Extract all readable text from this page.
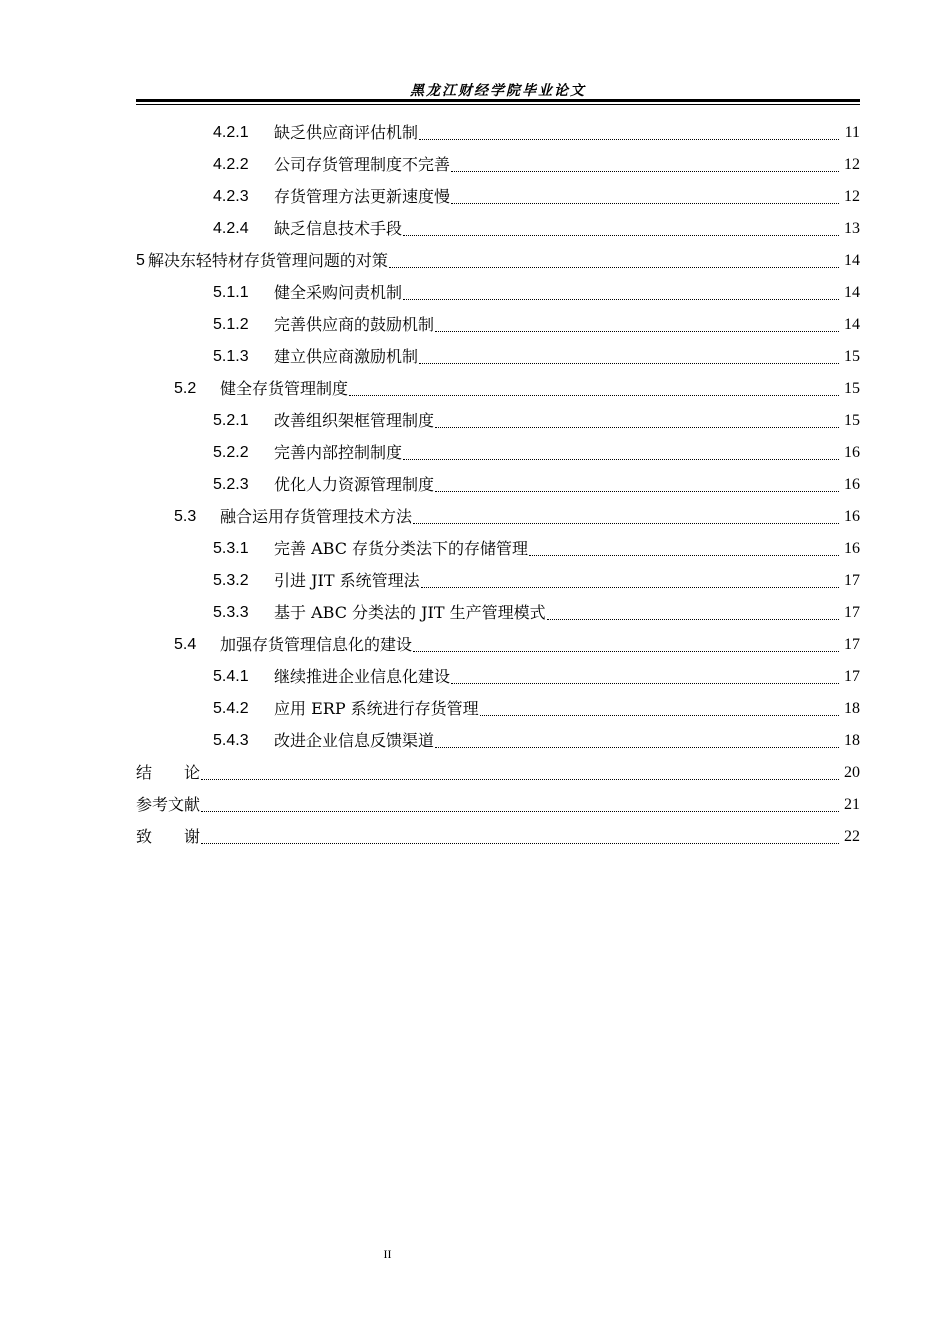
黑龙江财经学院毕业论文
4.2.1	缺乏供应商评估机制	11
4.2.2	公司存货管理制度不完善	12
4.2.3	存货管理方法更新速度慢	12
4.2.4	缺乏信息技术手段	13
5 解决东轻特材存货管理问题的对策	14
5.1.1	健全采购问责机制	14
5.1.2	完善供应商的鼓励机制	14
5.1.3	建立供应商激励机制	15
5.2	健全存货管理制度	15
5.2.1	改善组织架框管理制度	15
5.2.2	完善内部控制制度	16
5.2.3	优化人力资源管理制度	16
5.3	融合运用存货管理技术方法	16
5.3.1	完善 ABC 存货分类法下的存储管理	16
5.3.2	引进 JIT 系统管理法	17
5.3.3	基于 ABC 分类法的 JIT 生产管理模式	17
5.4	加强存货管理信息化的建设	17
5.4.1	继续推进企业信息化建设	17
5.4.2	应用 ERP 系统进行存货管理	18
5.4.3	改进企业信息反馈渠道	18
结　　论	20
参考文献	21
致　　谢	22
II
